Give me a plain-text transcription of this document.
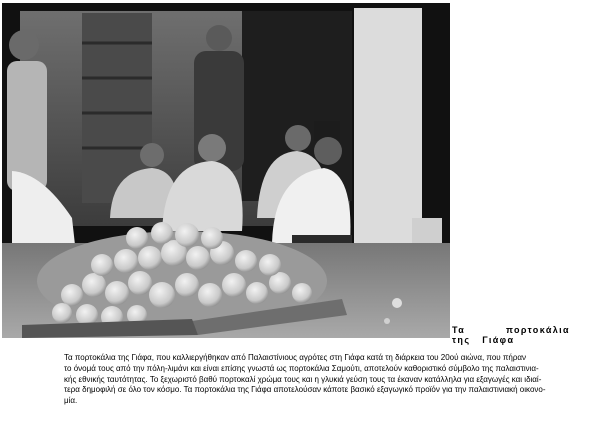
Τα πορτοκάλια της Γιάφα
Τα πορτοκάλια της Γιάφα, που καλλιεργήθηκαν από Παλαιστίνιους αγρότες στη Γιάφα κατά τη διάρκεια του 20ού αιώνα, που πήραν
το όνομά τους από την πόλη-λιμάνι και είναι επίσης γνωστά ως πορτοκάλια Σαμούτι, αποτελούν καθοριστικό σύμβολο της παλαιστινια-
κής εθνικής ταυτότητας. Το ξεχωριστό βαθύ πορτοκαλί χρώμα τους και η γλυκιά γεύση τους τα έκαναν κατάλληλα για εξαγωγές και ιδιαί-
τερα δημοφιλή σε όλο τον κόσμο. Τα πορτοκάλια της Γιάφα αποτελούσαν κάποτε βασικό εξαγωγικό προϊόν για την παλαιστινιακή οικονο-
μία.
